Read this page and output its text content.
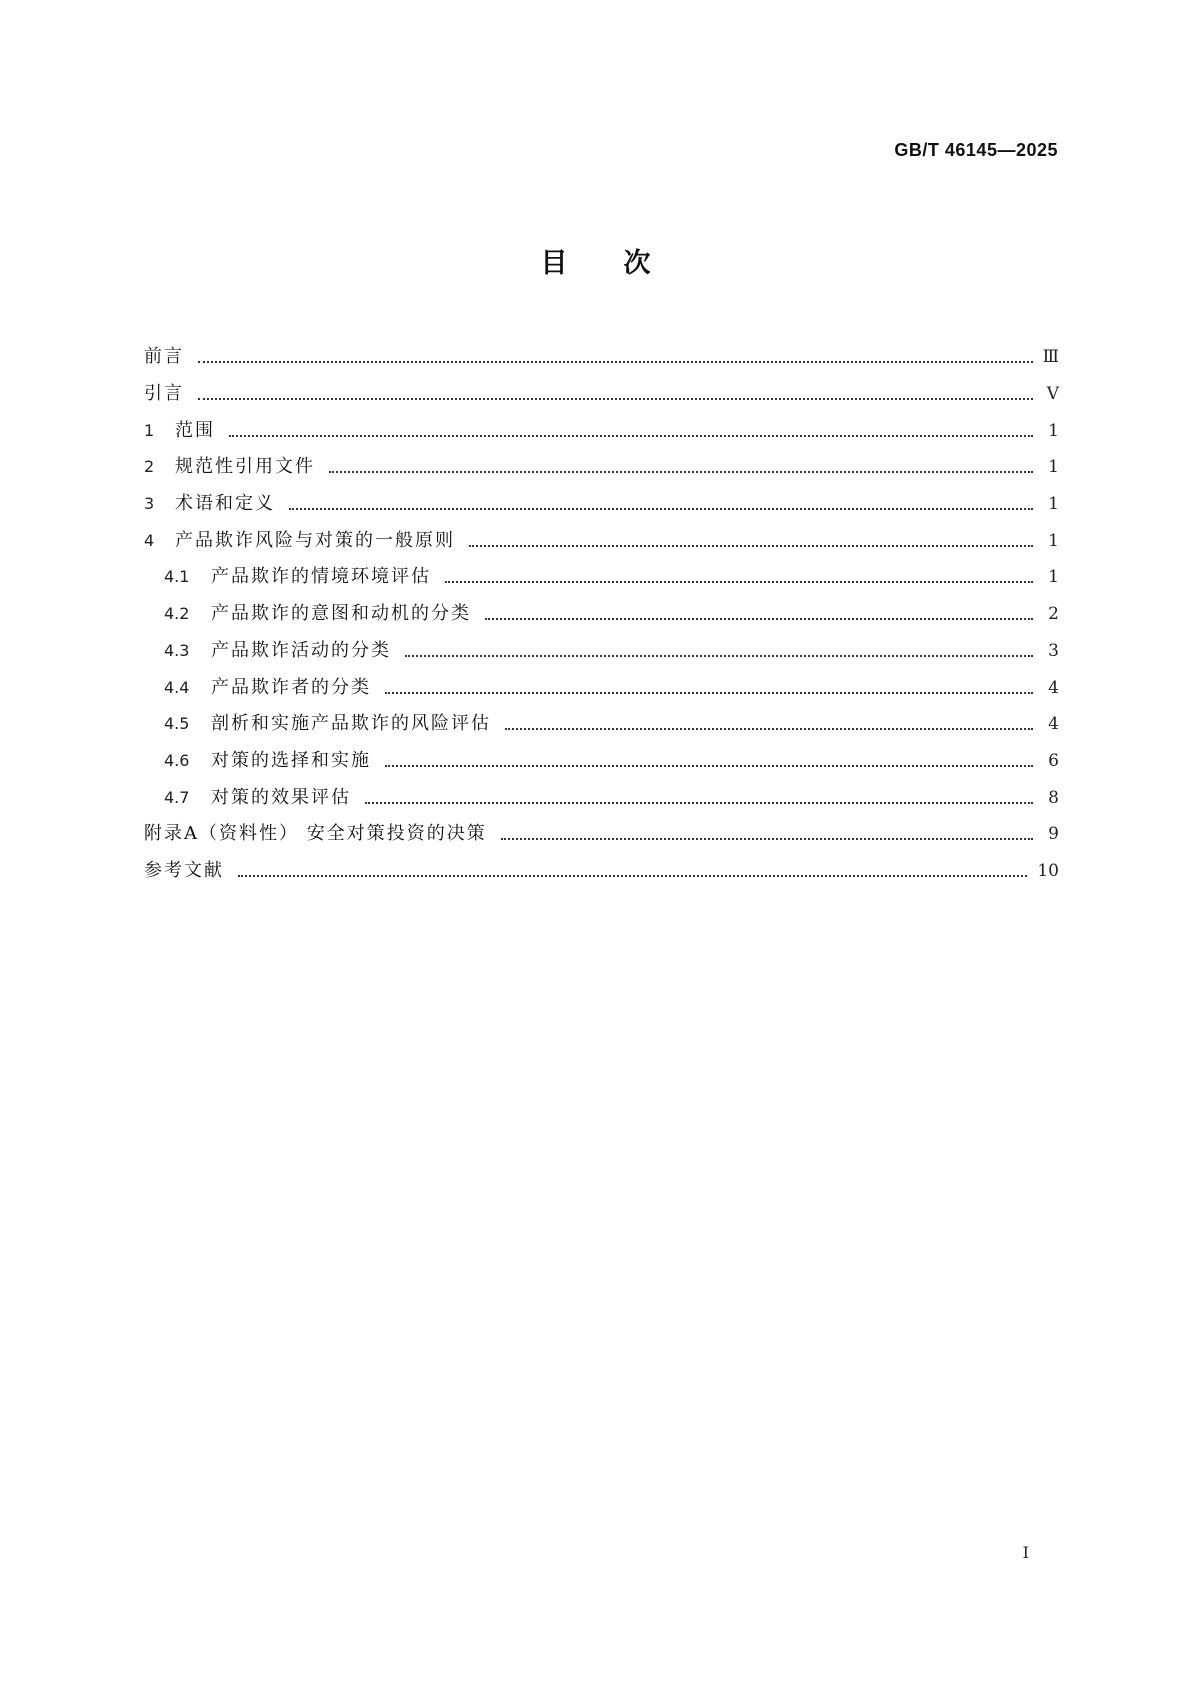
GB/T 46145—2025
目次
前言	Ⅲ
引言	Ⅴ
1	范围	1
2	规范性引用文件	1
3	术语和定义	1
4	产品欺诈风险与对策的一般原则	1
4.1	产品欺诈的情境环境评估	1
4.2	产品欺诈的意图和动机的分类	2
4.3	产品欺诈活动的分类	3
4.4	产品欺诈者的分类	4
4.5	剖析和实施产品欺诈的风险评估	4
4.6	对策的选择和实施	6
4.7	对策的效果评估	8
附录A（资料性） 安全对策投资的决策	9
参考文献	10
I
